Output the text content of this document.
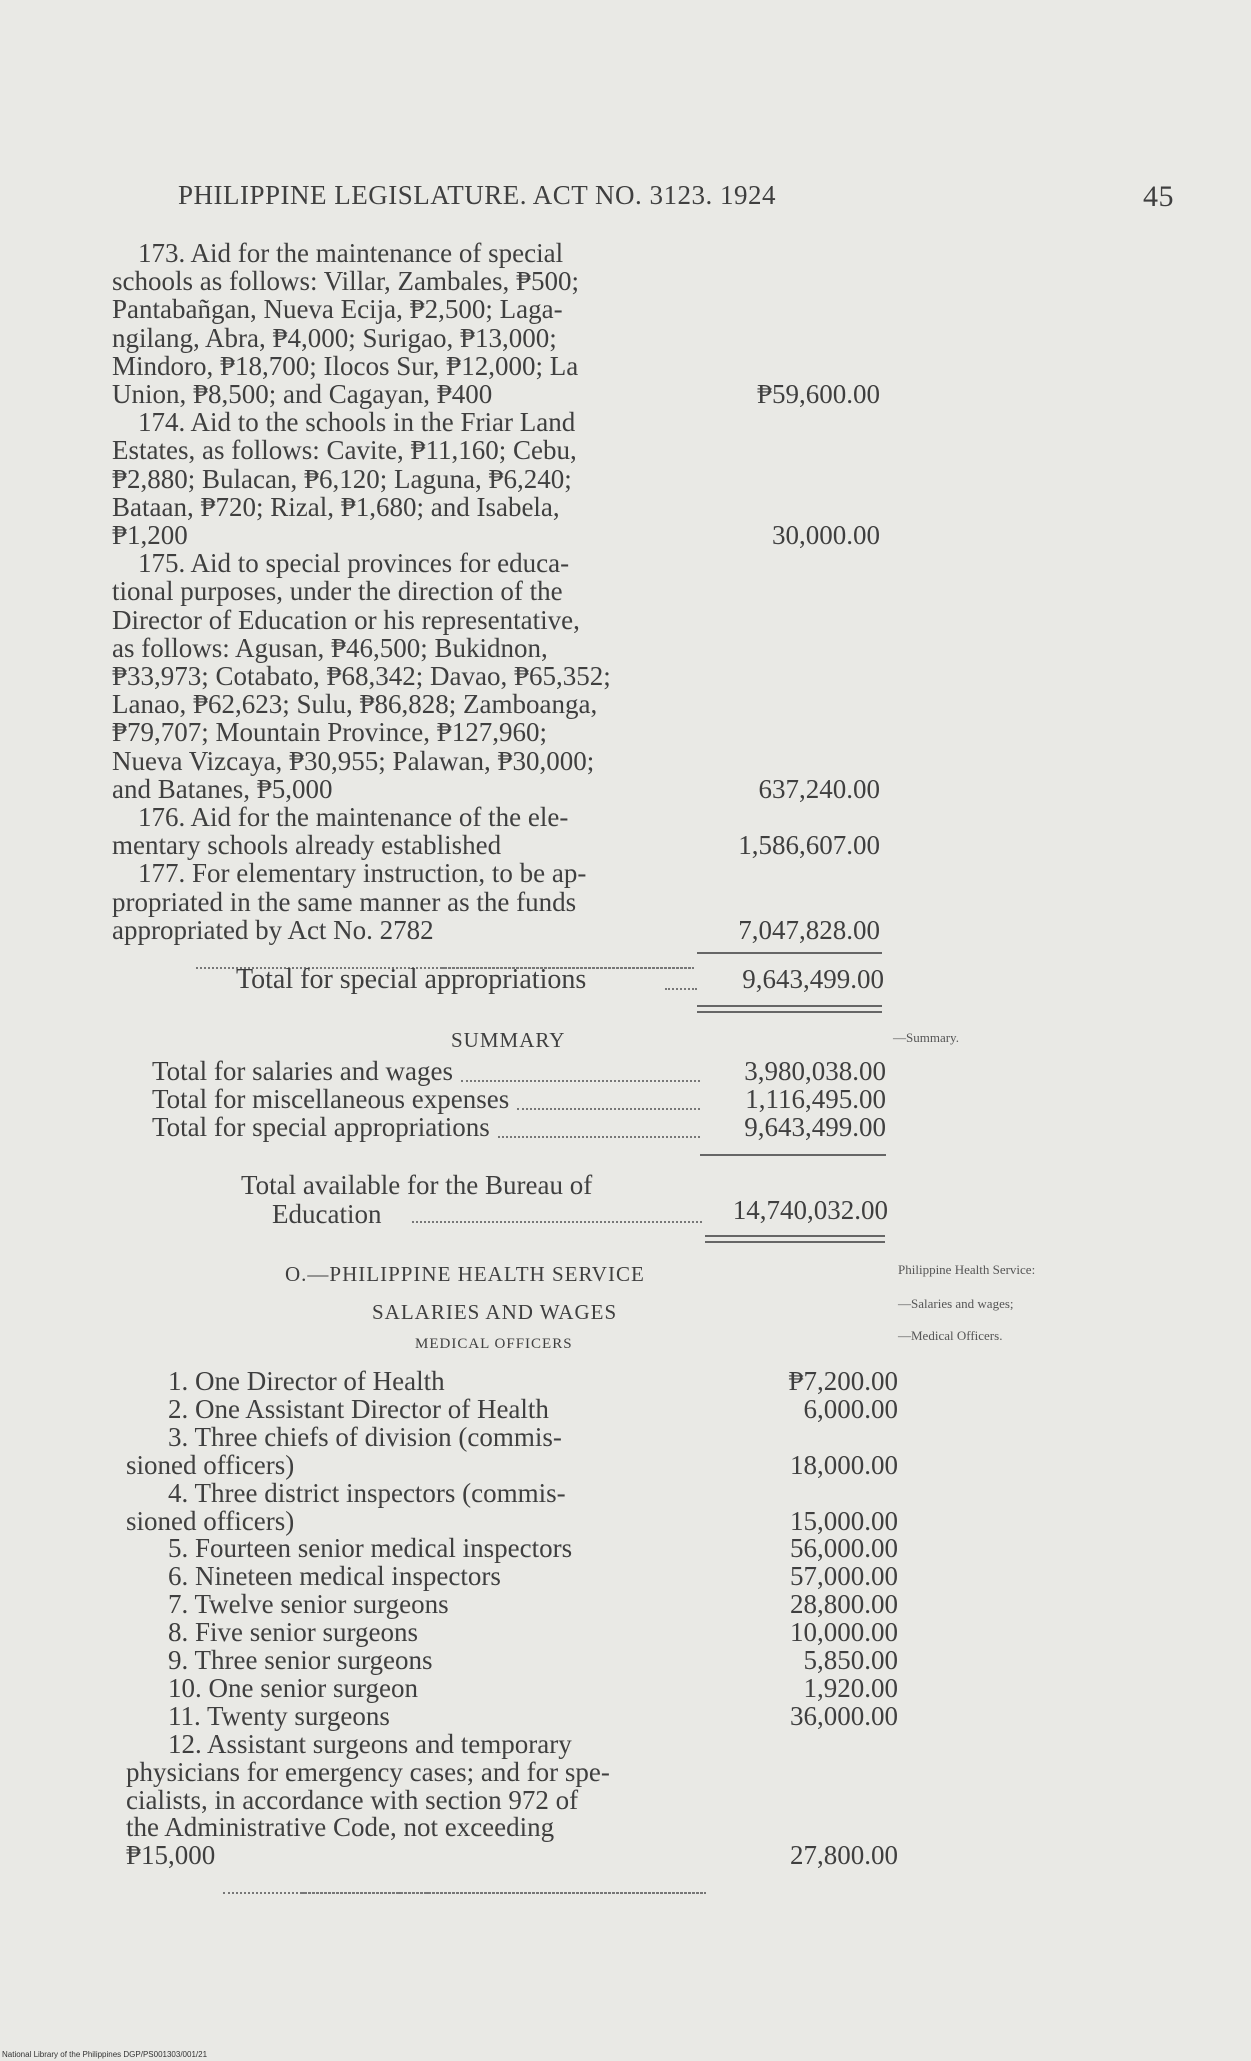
PHILIPPINE LEGISLATURE. ACT NO. 3123. 1924	45
173. Aid for the maintenance of special
schools as follows: Villar, Zambales, ₱500;
Pantabañgan, Nueva Ecija, ₱2,500; Laga-
ngilang, Abra, ₱4,000; Surigao, ₱13,000;
Mindoro, ₱18,700; Ilocos Sur, ₱12,000; La
Union, ₱8,500; and Cagayan, ₱400	₱59,600.00
174. Aid to the schools in the Friar Land
Estates, as follows: Cavite, ₱11,160; Cebu,
₱2,880; Bulacan, ₱6,120; Laguna, ₱6,240;
Bataan, ₱720; Rizal, ₱1,680; and Isabela,
₱1,200	30,000.00
175. Aid to special provinces for educa-
tional purposes, under the direction of the
Director of Education or his representative,
as follows: Agusan, ₱46,500; Bukidnon,
₱33,973; Cotabato, ₱68,342; Davao, ₱65,352;
Lanao, ₱62,623; Sulu, ₱86,828; Zamboanga,
₱79,707; Mountain Province, ₱127,960;
Nueva Vizcaya, ₱30,955; Palawan, ₱30,000;
and Batanes, ₱5,000	637,240.00
176. Aid for the maintenance of the ele-
mentary schools already established	1,586,607.00
177. For elementary instruction, to be ap-
propriated in the same manner as the funds
appropriated by Act No. 2782	7,047,828.00
Total for special appropriations	9,643,499.00
SUMMARY	—Summary.
Total for salaries and wages	3,980,038.00
Total for miscellaneous expenses	1,116,495.00
Total for special appropriations	9,643,499.00
Total available for the Bureau of
Education	14,740,032.00
O.—PHILIPPINE HEALTH SERVICE
SALARIES AND WAGES
MEDICAL OFFICERS
Philippine Health Service:
—Salaries and wages;
—Medical Officers.
1. One Director of Health	₱7,200.00
2. One Assistant Director of Health	6,000.00
3. Three chiefs of division (commis-
sioned officers)	18,000.00
4. Three district inspectors (commis-
sioned officers)	15,000.00
5. Fourteen senior medical inspectors	56,000.00
6. Nineteen medical inspectors	57,000.00
7. Twelve senior surgeons	28,800.00
8. Five senior surgeons	10,000.00
9. Three senior surgeons	5,850.00
10. One senior surgeon	1,920.00
11. Twenty surgeons	36,000.00
12. Assistant surgeons and temporary
physicians for emergency cases; and for spe-
cialists, in accordance with section 972 of
the Administrative Code, not exceeding
₱15,000	27,800.00
National Library of the Philippines DGP/PS001303/001/21
